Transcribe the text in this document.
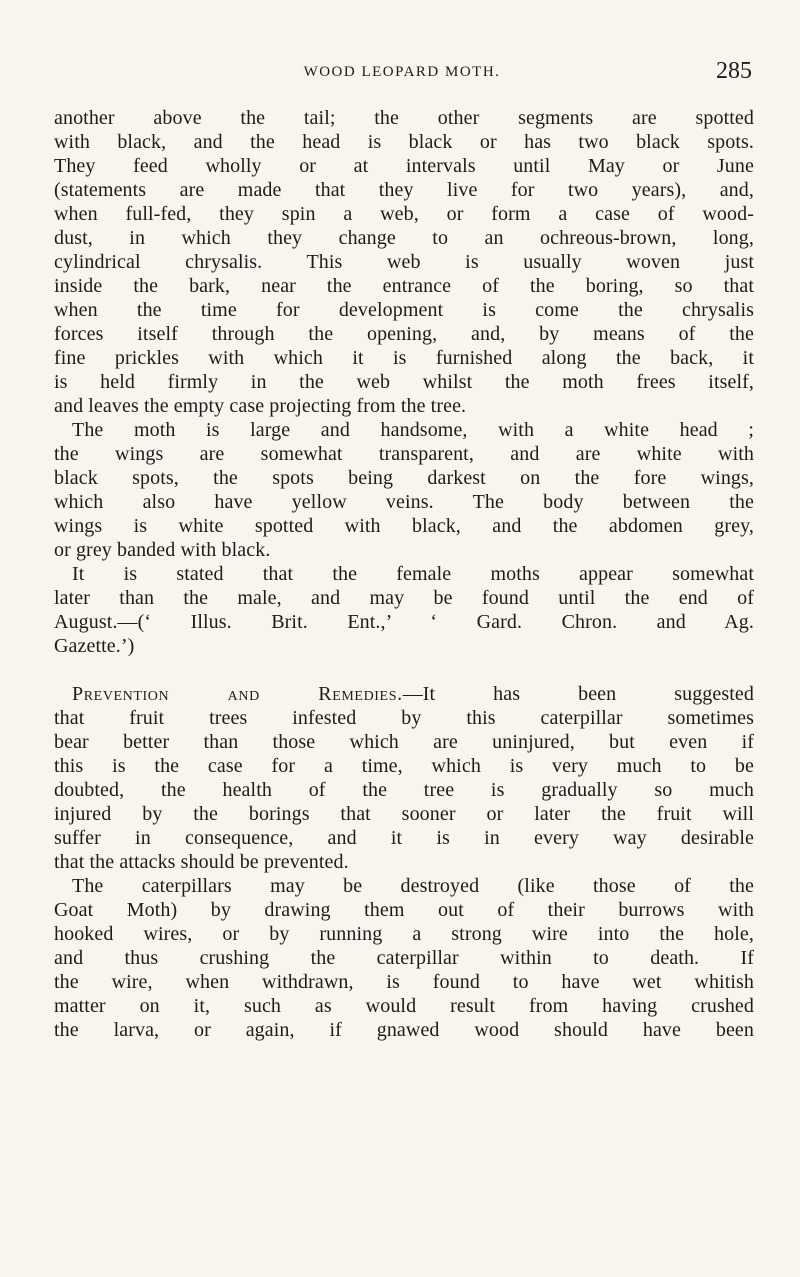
WOOD LEOPARD MOTH.	285
another above the tail; the other segments are spotted
with black, and the head is black or has two black spots.
They feed wholly or at intervals until May or June
(statements are made that they live for two years), and,
when full-fed, they spin a web, or form a case of wood-
dust, in which they change to an ochreous-brown, long,
cylindrical chrysalis. This web is usually woven just
inside the bark, near the entrance of the boring, so that
when the time for development is come the chrysalis
forces itself through the opening, and, by means of the
fine prickles with which it is furnished along the back, it
is held firmly in the web whilst the moth frees itself,
and leaves the empty case projecting from the tree.
The moth is large and handsome, with a white head ;
the wings are somewhat transparent, and are white with
black spots, the spots being darkest on the fore wings,
which also have yellow veins. The body between the
wings is white spotted with black, and the abdomen grey,
or grey banded with black.
It is stated that the female moths appear somewhat
later than the male, and may be found until the end of
August.—(‘ Illus. Brit. Ent.,’ ‘ Gard. Chron. and Ag.
Gazette.’)
Prevention and Remedies.—It has been suggested
that fruit trees infested by this caterpillar sometimes
bear better than those which are uninjured, but even if
this is the case for a time, which is very much to be
doubted, the health of the tree is gradually so much
injured by the borings that sooner or later the fruit will
suffer in consequence, and it is in every way desirable
that the attacks should be prevented.
The caterpillars may be destroyed (like those of the
Goat Moth) by drawing them out of their burrows with
hooked wires, or by running a strong wire into the hole,
and thus crushing the caterpillar within to death. If
the wire, when withdrawn, is found to have wet whitish
matter on it, such as would result from having crushed
the larva, or again, if gnawed wood should have been
